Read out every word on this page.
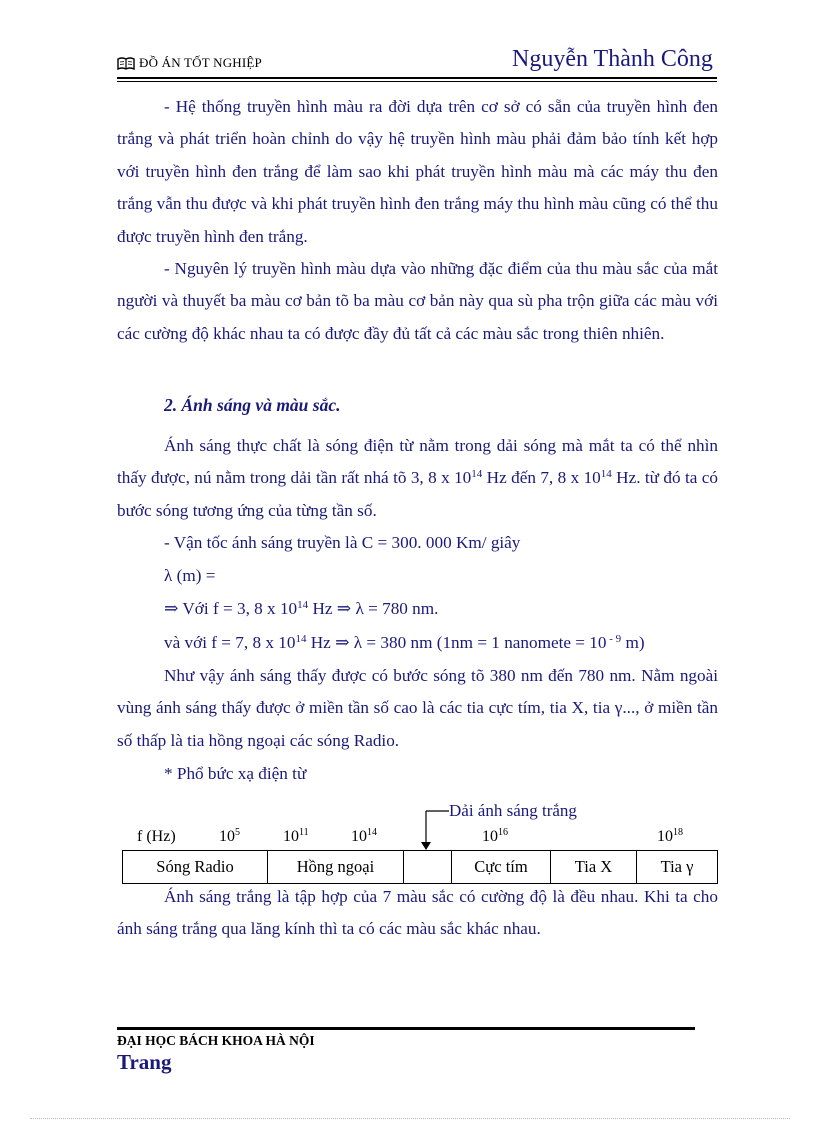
ĐỒ ÁN TỐT NGHIỆP	Nguyễn Thành Công
- Hệ thống truyền hình màu ra đời dựa trên cơ sở có sẵn của truyền hình đen trắng và phát triển hoàn chỉnh do vậy hệ truyền hình màu phải đảm bảo tính kết hợp với truyền hình đen trắng để làm sao khi phát truyền hình màu mà các máy thu đen trắng vẫn thu được và khi phát truyền hình đen trắng máy thu hình màu cũng có thể thu được truyền hình đen trắng.
- Nguyên lý truyền hình màu dựa vào những đặc điểm của thu màu sắc của mắt người và thuyết ba màu cơ bản tõ ba màu cơ bản này qua sù pha trộn giữa các màu với các cường độ khác nhau ta có được đầy đủ tất cả các màu sắc trong thiên nhiên.
2. Ánh sáng và màu sắc.
Ánh sáng thực chất là sóng điện từ nằm trong dải sóng mà mắt ta có thể nhìn thấy được, nú nằm trong dải tần rất nhá tõ 3, 8 x $10^{14}$ Hz đến 7, 8 x $10^{14}$ Hz. từ đó ta có bước sóng tương ứng của từng tần số.
- Vận tốc ánh sáng truyền là C = 300. 000 Km/ giây
λ (m) =
⇒ Với f = 3, 8 x $10^{14}$ Hz ⇒ λ = 780 nm.
và với f = 7, 8 x $10^{14}$ Hz ⇒ λ = 380 nm (1nm = 1 nanomete = 10 $^{- 9}$ m)
Như vậy ánh sáng thấy được có bước sóng tõ 380 nm đến 780 nm. Nằm ngoài vùng ánh sáng thấy được ở miền tần số cao là các tia cực tím, tia X, tia γ..., ở miền tần số thấp là tia hồng ngoại các sóng Radio.
* Phổ bức xạ điện từ
Dải ánh sáng trắng
f (Hz)	$10^5$	$10^{11}$	$10^{14}$	$10^{16}$	$10^{18}$
Sóng Radio	Hồng ngoại	Cực tím	Tia X	Tia γ
Ánh sáng trắng là tập hợp của 7 màu sắc có cường độ là đều nhau. Khi ta cho ánh sáng trắng qua lăng kính thì ta có các màu sắc khác nhau.
ĐẠI HỌC BÁCH KHOA HÀ NỘI
Trang
